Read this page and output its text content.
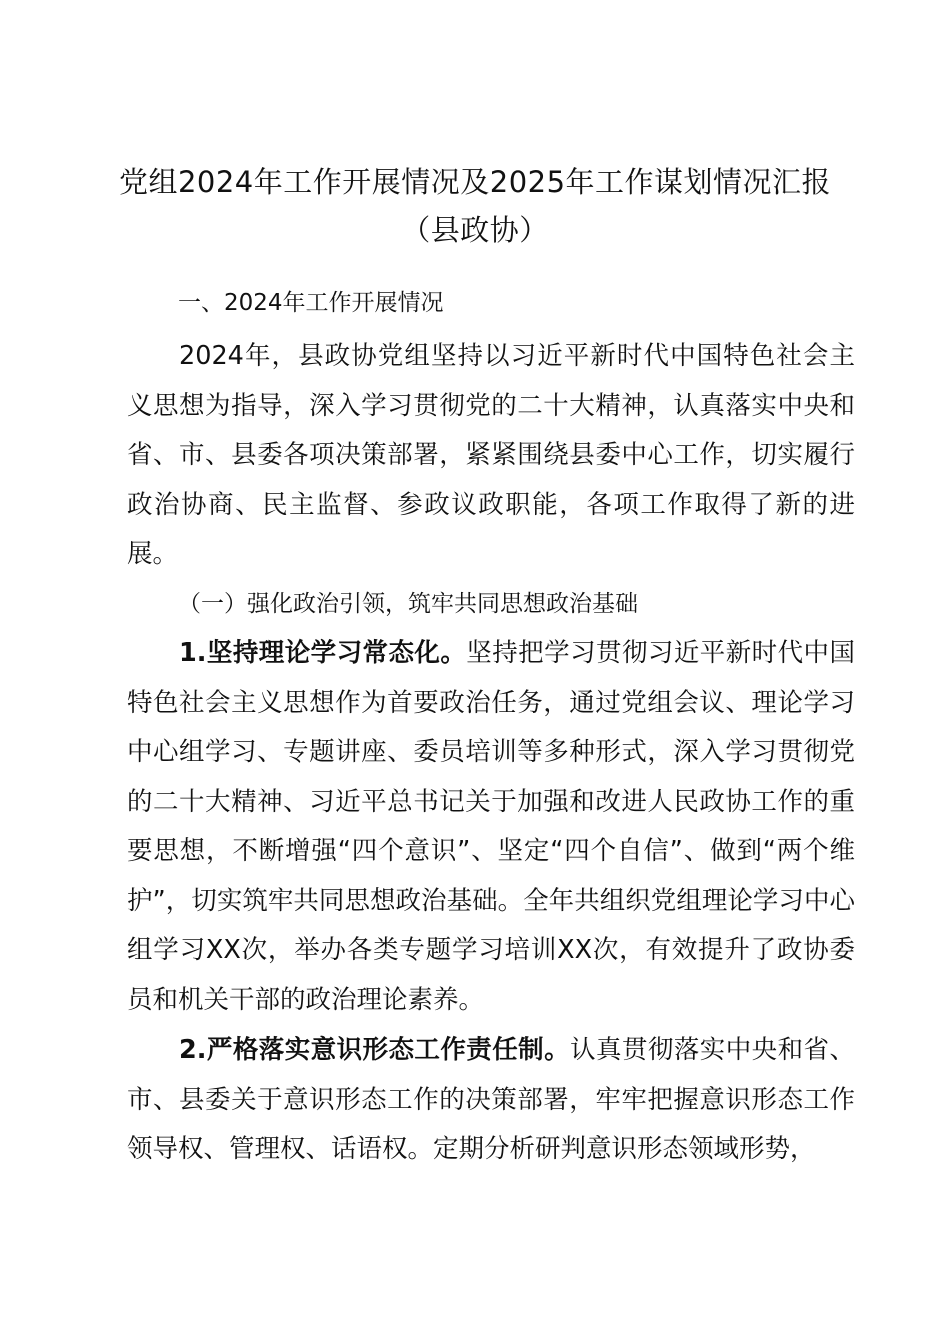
党组2024年工作开展情况及2025年工作谋划情况汇报（县政协）

一、2024年工作开展情况

2024年，县政协党组坚持以习近平新时代中国特色社会主义思想为指导，深入学习贯彻党的二十大精神，认真落实中央和省、市、县委各项决策部署，紧紧围绕县委中心工作，切实履行政治协商、民主监督、参政议政职能，各项工作取得了新的进展。

（一）强化政治引领，筑牢共同思想政治基础

1.坚持理论学习常态化。坚持把学习贯彻习近平新时代中国特色社会主义思想作为首要政治任务，通过党组会议、理论学习中心组学习、专题讲座、委员培训等多种形式，深入学习贯彻党的二十大精神、习近平总书记关于加强和改进人民政协工作的重要思想，不断增强“四个意识”、坚定“四个自信”、做到“两个维护”，切实筑牢共同思想政治基础。全年共组织党组理论学习中心组学习XX次，举办各类专题学习培训XX次，有效提升了政协委员和机关干部的政治理论素养。

2.严格落实意识形态工作责任制。认真贯彻落实中央和省、市、县委关于意识形态工作的决策部署，牢牢把握意识形态工作领导权、管理权、话语权。定期分析研判意识形态领域形势，
